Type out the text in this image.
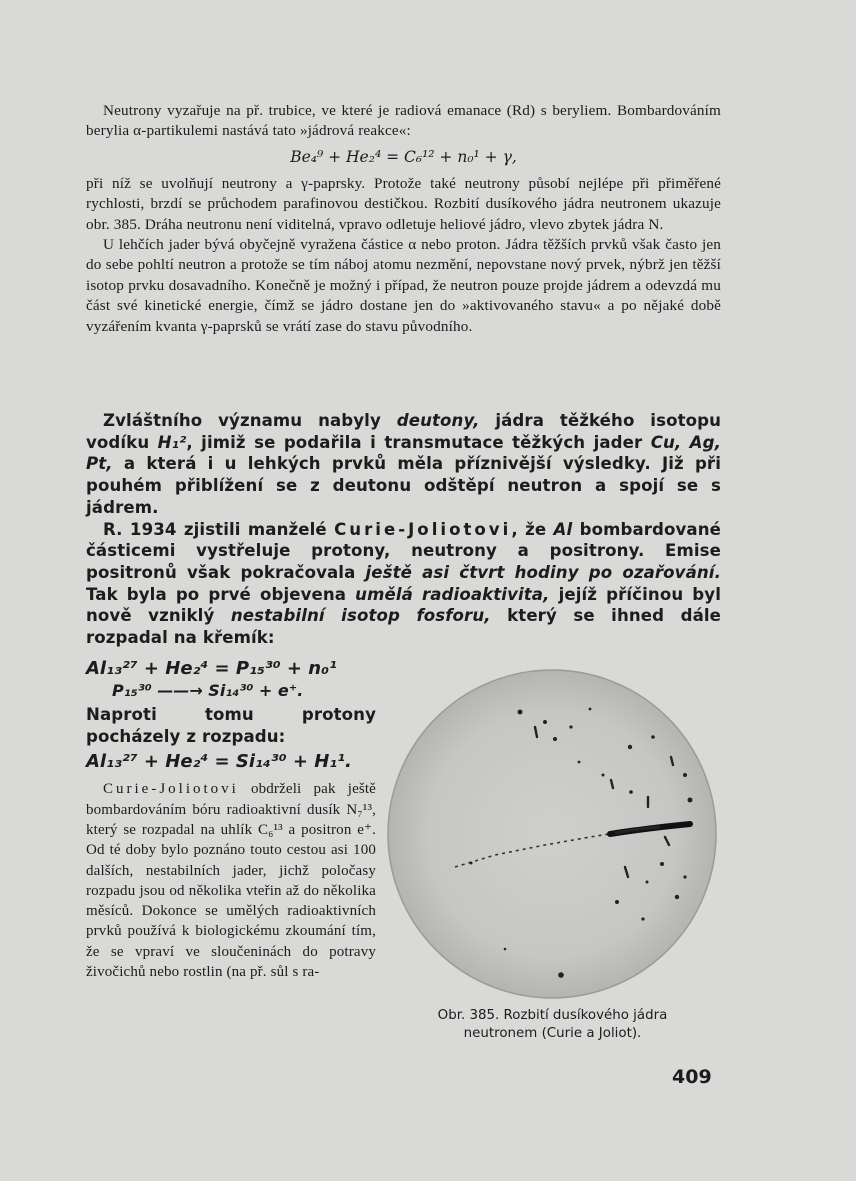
Neutrony vyzařuje na př. trubice, ve které je radiová emanace (Rd) s beryliem. Bombardováním berylia α-partikulemi nastává tato »jádrová reakce«:

Be₄⁹ + He₂⁴ = C₆¹² + n₀¹ + γ,

při níž se uvolňují neutrony a γ-paprsky. Protože také neutrony působí nejlépe při přiměřené rychlosti, brzdí se průchodem parafinovou destičkou. Rozbití dusíkového jádra neutronem ukazuje obr. 385. Dráha neutronu není viditelná, vpravo odletuje heliové jádro, vlevo zbytek jádra N.

U lehčích jader bývá obyčejně vyražena částice α nebo proton. Jádra těžších prvků však často jen do sebe pohltí neutron a protože se tím náboj atomu nezmění, nepovstane nový prvek, nýbrž jen těžší isotop prvku dosavadního. Konečně je možný i případ, že neutron pouze projde jádrem a odevzdá mu část své kinetické energie, čímž se jádro dostane jen do »aktivovaného stavu« a po nějaké době vyzářením kvanta γ-paprsků se vrátí zase do stavu původního.

Zvláštního významu nabyly deutony, jádra těžkého isotopu vodíku H₁², jimiž se podařila i transmutace těžkých jader Cu, Ag, Pt, a která i u lehkých prvků měla příznivější výsledky. Již při pouhém přiblížení se z deutonu odštěpí neutron a spojí se s jádrem.

R. 1934 zjistili manželé Curie-Joliotovi, že Al bombardované částicemi vystřeluje protony, neutrony a positrony. Emise positronů však pokračovala ještě asi čtvrt hodiny po ozařování. Tak byla po prvé objevena umělá radioaktivita, jejíž příčinou byl nově vzniklý nestabilní isotop fosforu, který se ihned dále rozpadal na křemík:

Al₁₃²⁷ + He₂⁴ = P₁₅³⁰ + n₀¹

P₁₅³⁰ ——→ Si₁₄³⁰ + e⁺.

Naproti tomu protony pocházely z rozpadu:

Al₁₃²⁷ + He₂⁴ = Si₁₄³⁰ + H₁¹.

Curie-Joliotovi obdrželi pak ještě bombardováním bóru radioaktivní dusík N₇¹³, který se rozpadal na uhlík C₆¹³ a positron e⁺. Od té doby bylo poznáno touto cestou asi 100 dalších, nestabilních jader, jichž poločasy rozpadu jsou od několika vteřin až do několika měsíců. Dokonce se umělých radioaktivních prvků používá k biologickému zkoumání tím, že se vpraví ve sloučeninách do potravy živočichů nebo rostlin (na př. sůl s ra-

Obr. 385. Rozbití dusíkového jádra
neutronem (Curie a Joliot).
409
